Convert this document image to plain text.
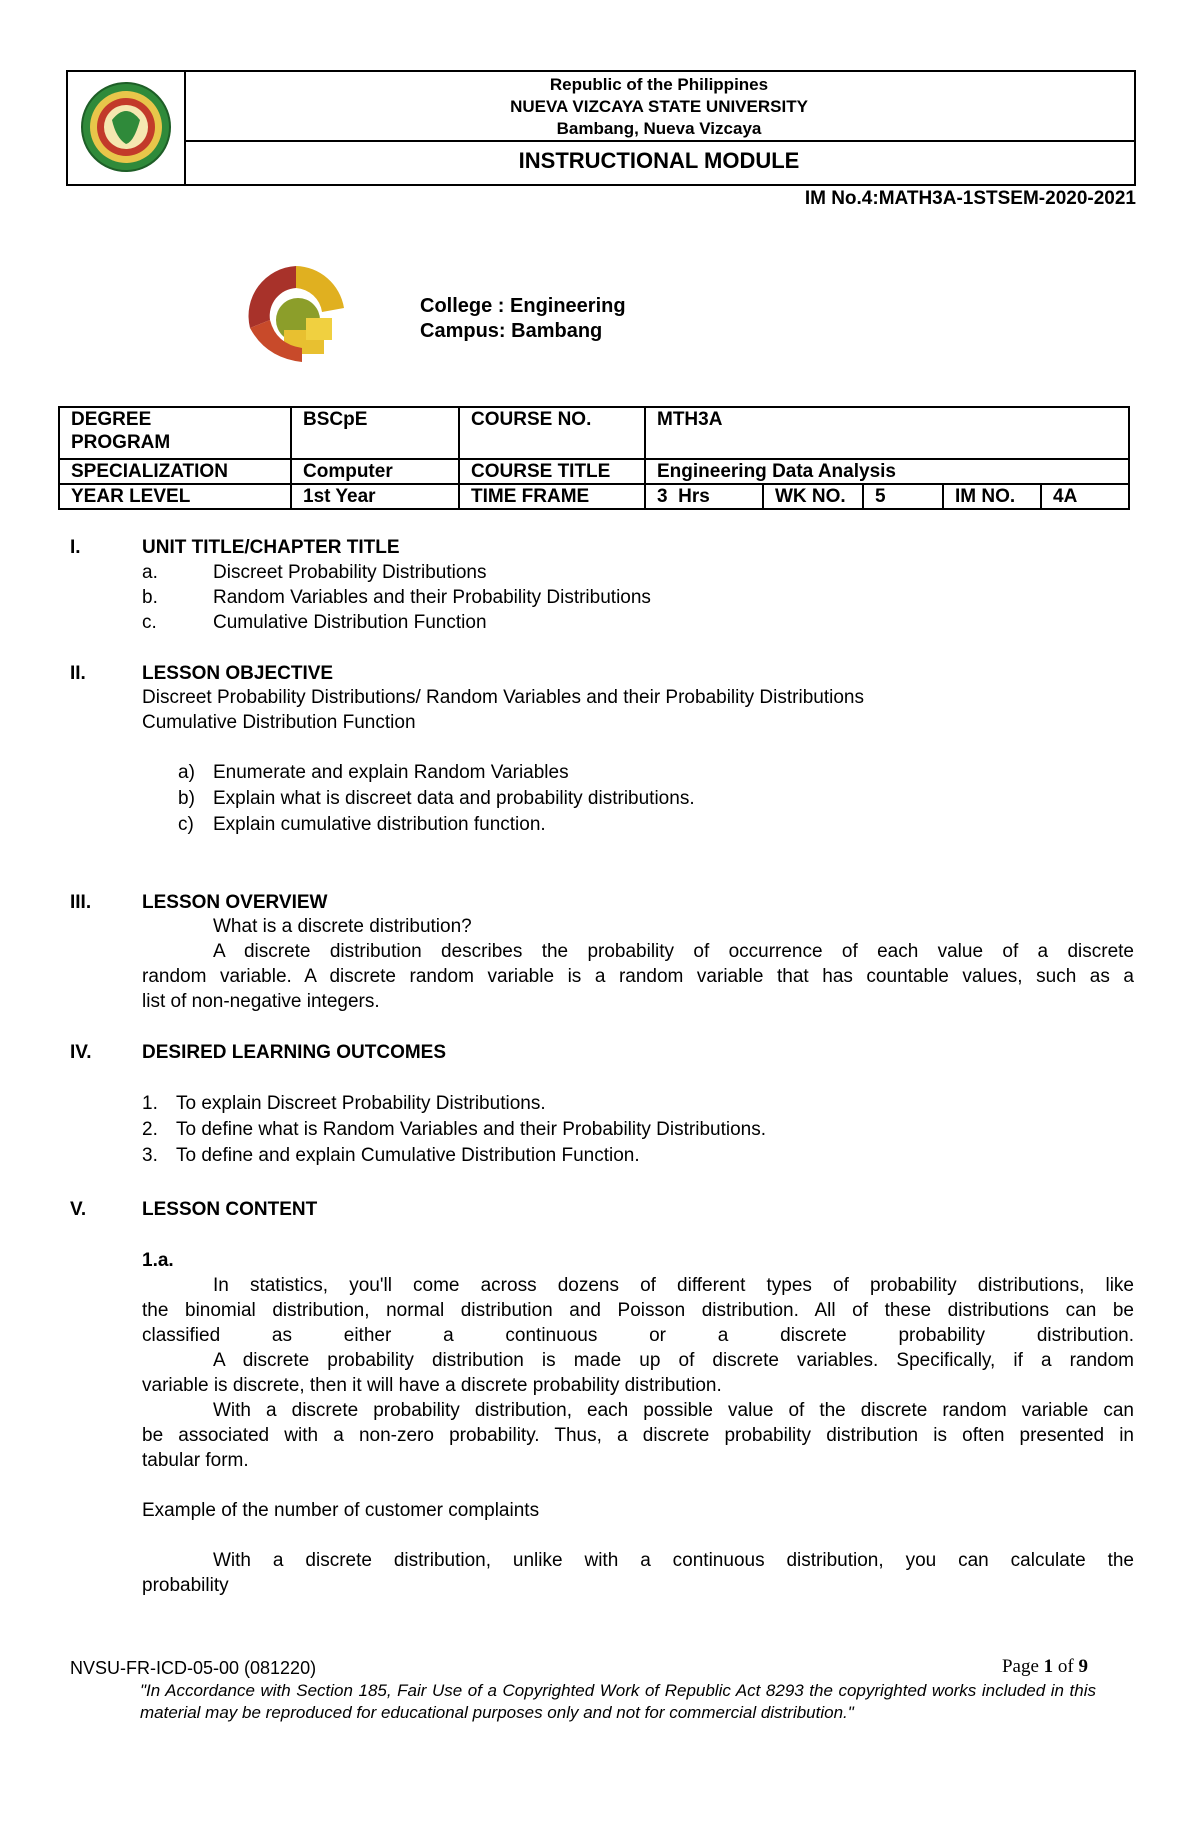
Republic of the Philippines
NUEVA VIZCAYA STATE UNIVERSITY
Bambang, Nueva Vizcaya
INSTRUCTIONAL MODULE
IM No.4:MATH3A-1STSEM-2020-2021
College : Engineering
Campus: Bambang
DEGREE PROGRAM	BSCpE	COURSE NO.	MTH3A				
SPECIALIZATION	Computer	COURSE TITLE	Engineering Data Analysis				
YEAR LEVEL	1st Year	TIME FRAME	3  Hrs	WK NO.	5	IM NO.	4A
I.	UNIT TITLE/CHAPTER TITLE
a.	Discreet Probability Distributions
b.	Random Variables and their Probability Distributions
c.	Cumulative Distribution Function
II.	LESSON OBJECTIVE
Discreet Probability Distributions/ Random Variables and their Probability Distributions
Cumulative Distribution Function
a) Enumerate and explain Random Variables
b) Explain what is discreet data and probability distributions.
c) Explain cumulative distribution function.
III.	LESSON OVERVIEW
What is a discrete distribution?
A discrete distribution describes the probability of occurrence of each value of a discrete
random variable. A discrete random variable is a random variable that has countable values, such as a
list of non-negative integers.
IV.	DESIRED LEARNING OUTCOMES
1. To explain Discreet Probability Distributions.
2. To define what is Random Variables and their Probability Distributions.
3. To define and explain Cumulative Distribution Function.
V.	LESSON CONTENT
1.a.
In statistics, you'll come across dozens of different types of probability distributions, like
the binomial distribution, normal distribution and Poisson distribution. All of these distributions can be
classified as either a continuous or a discrete probability distribution.
A discrete probability distribution is made up of discrete variables. Specifically, if a random
variable is discrete, then it will have a discrete probability distribution.
With a discrete probability distribution, each possible value of the discrete random variable can
be associated with a non-zero probability. Thus, a discrete probability distribution is often presented in
tabular form.
Example of the number of customer complaints
With a discrete distribution, unlike with a continuous distribution, you can calculate the
probability
NVSU-FR-ICD-05-00 (081220)	Page 1 of 9
"In Accordance with Section 185, Fair Use of a Copyrighted Work of Republic Act 8293 the copyrighted works included in this material may be reproduced for educational purposes only and not for commercial distribution."
